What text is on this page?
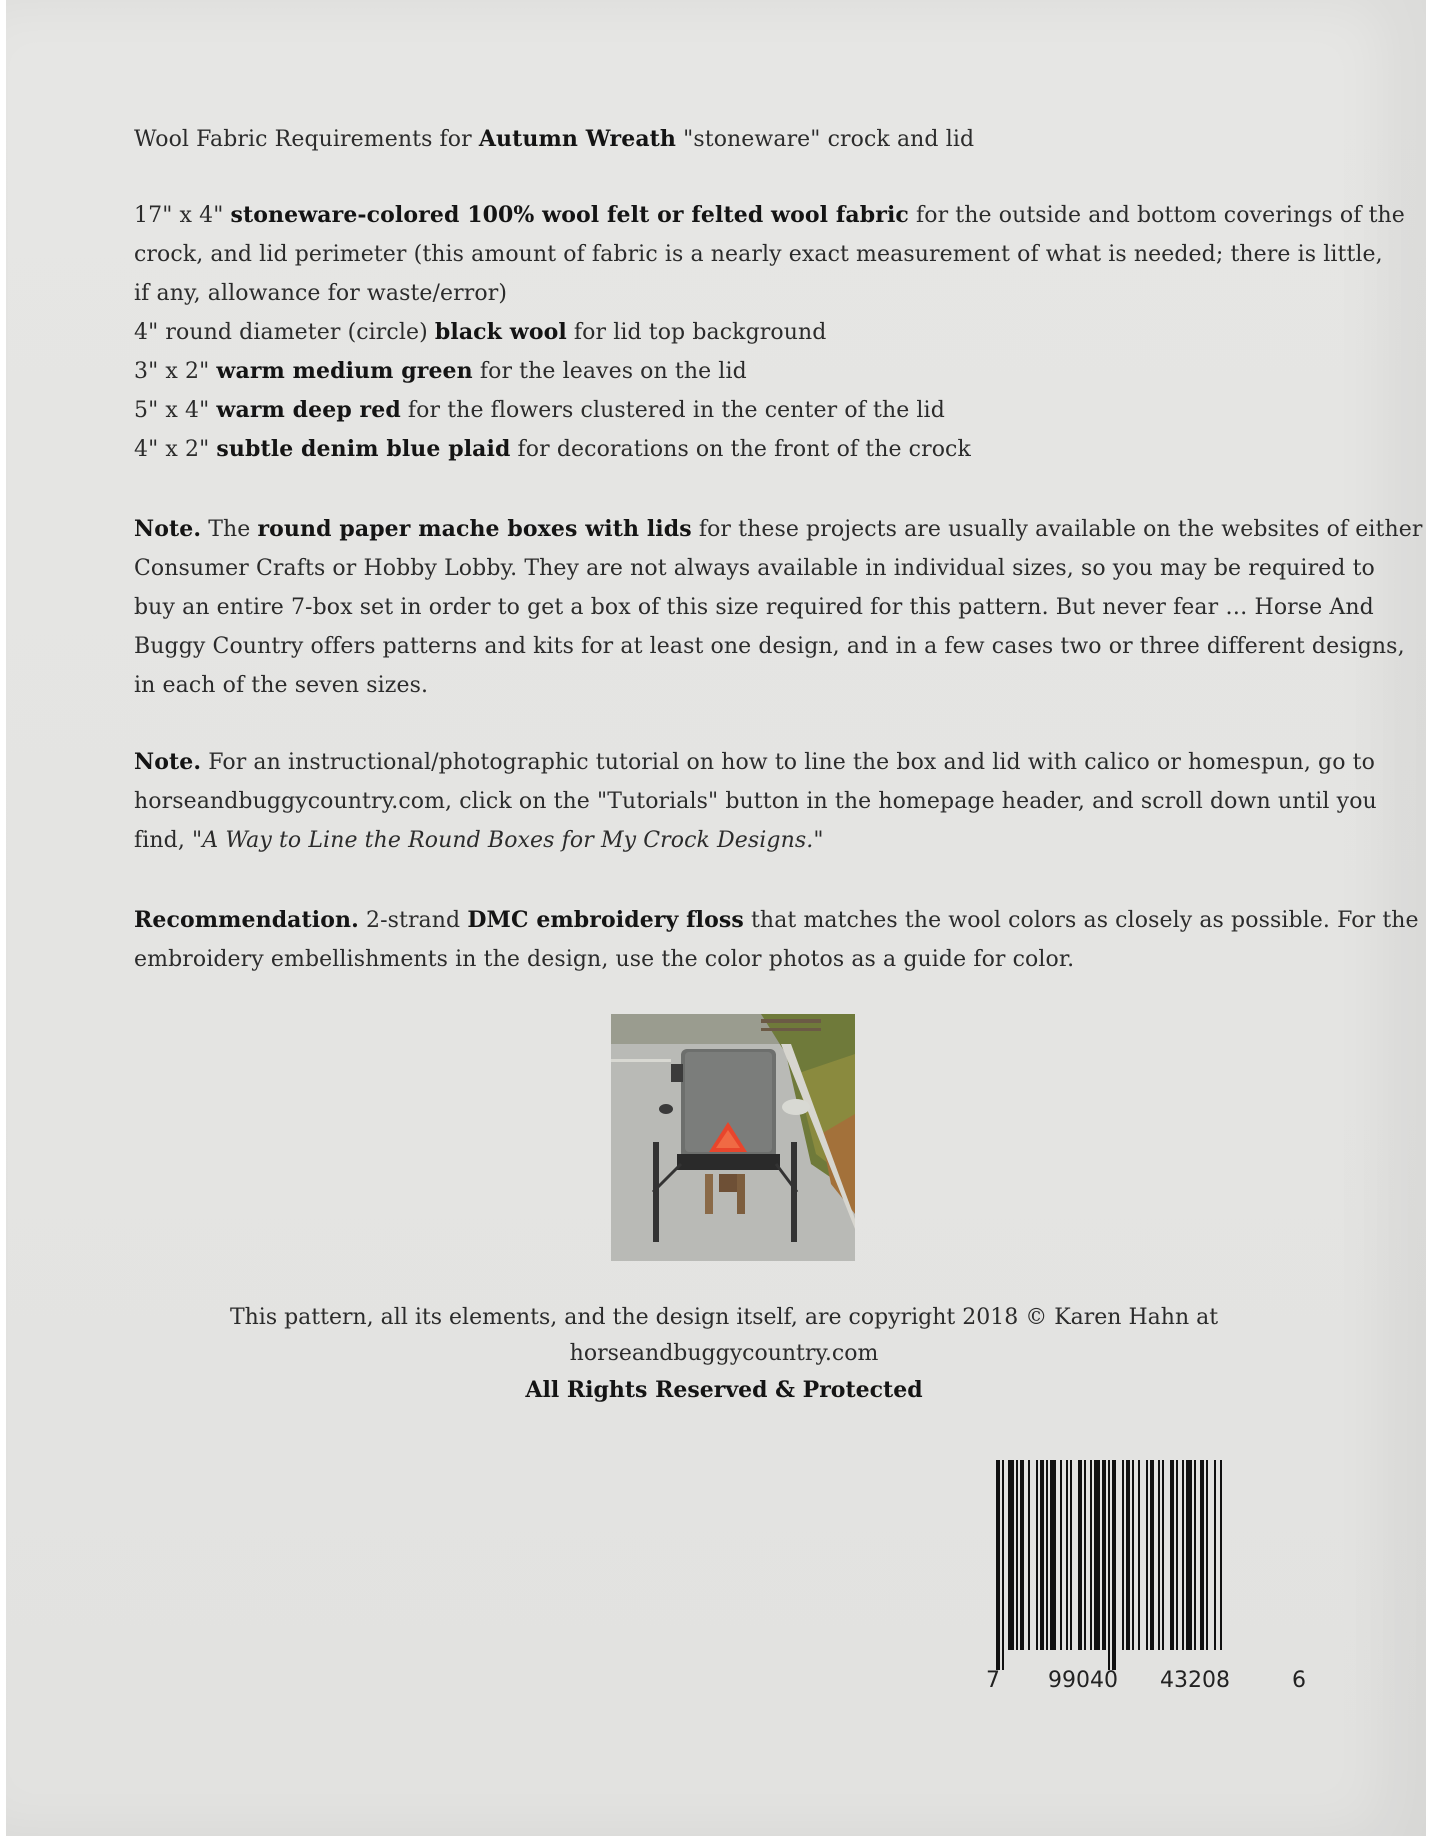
Wool Fabric Requirements for Autumn Wreath "stoneware" crock and lid
17" x 4" stoneware-colored 100% wool felt or felted wool fabric for the outside and bottom coverings of the
crock, and lid perimeter (this amount of fabric is a nearly exact measurement of what is needed; there is little,
if any, allowance for waste/error)
4" round diameter (circle) black wool for lid top background
3" x 2" warm medium green for the leaves on the lid
5" x 4" warm deep red for the flowers clustered in the center of the lid
4" x 2" subtle denim blue plaid for decorations on the front of the crock
Note. The round paper mache boxes with lids for these projects are usually available on the websites of either
Consumer Crafts or Hobby Lobby. They are not always available in individual sizes, so you may be required to
buy an entire 7-box set in order to get a box of this size required for this pattern. But never fear … Horse And
Buggy Country offers patterns and kits for at least one design, and in a few cases two or three different designs,
in each of the seven sizes.
Note. For an instructional/photographic tutorial on how to line the box and lid with calico or homespun, go to
horseandbuggycountry.com, click on the "Tutorials" button in the homepage header, and scroll down until you
find, "A Way to Line the Round Boxes for My Crock Designs."
Recommendation. 2-strand DMC embroidery floss that matches the wool colors as closely as possible. For the
embroidery embellishments in the design, use the color photos as a guide for color.
This pattern, all its elements, and the design itself, are copyright 2018 © Karen Hahn at horseandbuggycountry.com
All Rights Reserved & Protected
7 99040 43208	6
